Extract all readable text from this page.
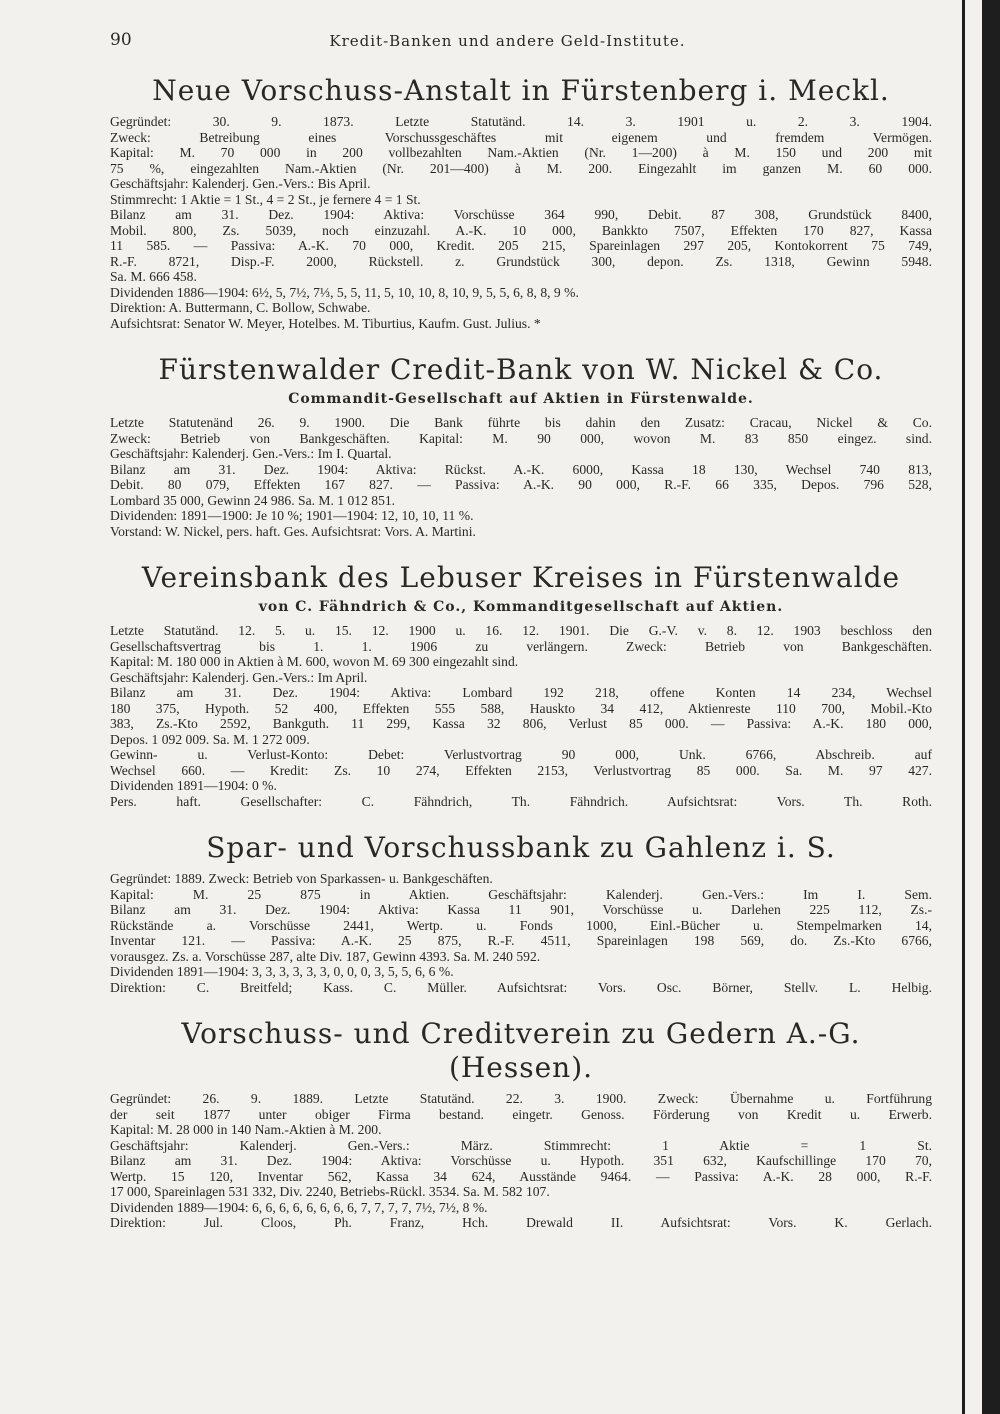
90	Kredit-Banken und andere Geld-Institute.
Neue Vorschuss-Anstalt in Fürstenberg i. Meckl.
Gegründet: 30. 9. 1873. Letzte Statutänd. 14. 3. 1901 u. 2. 3. 1904.
Zweck: Betreibung eines Vorschussgeschäftes mit eigenem und fremdem Vermögen.
Kapital: M. 70 000 in 200 vollbezahlten Nam.-Aktien (Nr. 1—200) à M. 150 und 200 mit
75 %, eingezahlten Nam.-Aktien (Nr. 201—400) à M. 200. Eingezahlt im ganzen M. 60 000.
Geschäftsjahr: Kalenderj. Gen.-Vers.: Bis April.
Stimmrecht: 1 Aktie = 1 St., 4 = 2 St., je fernere 4 = 1 St.
Bilanz am 31. Dez. 1904: Aktiva: Vorschüsse 364 990, Debit. 87 308, Grundstück 8400,
Mobil. 800, Zs. 5039, noch einzuzahl. A.-K. 10 000, Bankkto 7507, Effekten 170 827, Kassa
11 585. — Passiva: A.-K. 70 000, Kredit. 205 215, Spareinlagen 297 205, Kontokorrent 75 749,
R.-F. 8721, Disp.-F. 2000, Rückstell. z. Grundstück 300, depon. Zs. 1318, Gewinn 5948.
Sa. M. 666 458.
Dividenden 1886—1904: 6½, 5, 7½, 7⅓, 5, 5, 11, 5, 10, 10, 8, 10, 9, 5, 5, 6, 8, 8, 9 %.
Direktion: A. Buttermann, C. Bollow, Schwabe.
Aufsichtsrat: Senator W. Meyer, Hotelbes. M. Tiburtius, Kaufm. Gust. Julius. *
Fürstenwalder Credit-Bank von W. Nickel & Co.
Commandit-Gesellschaft auf Aktien in Fürstenwalde.
Letzte Statutenänd 26. 9. 1900. Die Bank führte bis dahin den Zusatz: Cracau, Nickel & Co.
Zweck: Betrieb von Bankgeschäften. Kapital: M. 90 000, wovon M. 83 850 eingez. sind.
Geschäftsjahr: Kalenderj. Gen.-Vers.: Im I. Quartal.
Bilanz am 31. Dez. 1904: Aktiva: Rückst. A.-K. 6000, Kassa 18 130, Wechsel 740 813,
Debit. 80 079, Effekten 167 827. — Passiva: A.-K. 90 000, R.-F. 66 335, Depos. 796 528,
Lombard 35 000, Gewinn 24 986. Sa. M. 1 012 851.
Dividenden: 1891—1900: Je 10 %; 1901—1904: 12, 10, 10, 11 %.
Vorstand: W. Nickel, pers. haft. Ges. Aufsichtsrat: Vors. A. Martini.
Vereinsbank des Lebuser Kreises in Fürstenwalde
von C. Fähndrich & Co., Kommanditgesellschaft auf Aktien.
Letzte Statutänd. 12. 5. u. 15. 12. 1900 u. 16. 12. 1901. Die G.-V. v. 8. 12. 1903 beschloss den
Gesellschaftsvertrag bis 1. 1. 1906 zu verlängern. Zweck: Betrieb von Bankgeschäften.
Kapital: M. 180 000 in Aktien à M. 600, wovon M. 69 300 eingezahlt sind.
Geschäftsjahr: Kalenderj. Gen.-Vers.: Im April.
Bilanz am 31. Dez. 1904: Aktiva: Lombard 192 218, offene Konten 14 234, Wechsel
180 375, Hypoth. 52 400, Effekten 555 588, Hauskto 34 412, Aktienreste 110 700, Mobil.-Kto
383, Zs.-Kto 2592, Bankguth. 11 299, Kassa 32 806, Verlust 85 000. — Passiva: A.-K. 180 000,
Depos. 1 092 009. Sa. M. 1 272 009.
Gewinn- u. Verlust-Konto: Debet: Verlustvortrag 90 000, Unk. 6766, Abschreib. auf
Wechsel 660. — Kredit: Zs. 10 274, Effekten 2153, Verlustvortrag 85 000. Sa. M. 97 427.
Dividenden 1891—1904: 0 %.
Pers. haft. Gesellschafter: C. Fähndrich, Th. Fähndrich. Aufsichtsrat: Vors. Th. Roth.
Spar- und Vorschussbank zu Gahlenz i. S.
Gegründet: 1889. Zweck: Betrieb von Sparkassen- u. Bankgeschäften.
Kapital: M. 25 875 in Aktien. Geschäftsjahr: Kalenderj. Gen.-Vers.: Im I. Sem.
Bilanz am 31. Dez. 1904: Aktiva: Kassa 11 901, Vorschüsse u. Darlehen 225 112, Zs.-
Rückstände a. Vorschüsse 2441, Wertp. u. Fonds 1000, Einl.-Bücher u. Stempelmarken 14,
Inventar 121. — Passiva: A.-K. 25 875, R.-F. 4511, Spareinlagen 198 569, do. Zs.-Kto 6766,
vorausgez. Zs. a. Vorschüsse 287, alte Div. 187, Gewinn 4393. Sa. M. 240 592.
Dividenden 1891—1904: 3, 3, 3, 3, 3, 3, 0, 0, 0, 3, 5, 5, 6, 6 %.
Direktion: C. Breitfeld; Kass. C. Müller. Aufsichtsrat: Vors. Osc. Börner, Stellv. L. Helbig.
Vorschuss- und Creditverein zu Gedern A.-G. (Hessen).
Gegründet: 26. 9. 1889. Letzte Statutänd. 22. 3. 1900. Zweck: Übernahme u. Fortführung
der seit 1877 unter obiger Firma bestand. eingetr. Genoss. Förderung von Kredit u. Erwerb.
Kapital: M. 28 000 in 140 Nam.-Aktien à M. 200.
Geschäftsjahr: Kalenderj. Gen.-Vers.: März. Stimmrecht: 1 Aktie = 1 St.
Bilanz am 31. Dez. 1904: Aktiva: Vorschüsse u. Hypoth. 351 632, Kaufschillinge 170 70,
Wertp. 15 120, Inventar 562, Kassa 34 624, Ausstände 9464. — Passiva: A.-K. 28 000, R.-F.
17 000, Spareinlagen 531 332, Div. 2240, Betriebs-Rückl. 3534. Sa. M. 582 107.
Dividenden 1889—1904: 6, 6, 6, 6, 6, 6, 6, 6, 7, 7, 7, 7, 7½, 7½, 8 %.
Direktion: Jul. Cloos, Ph. Franz, Hch. Drewald II. Aufsichtsrat: Vors. K. Gerlach.
